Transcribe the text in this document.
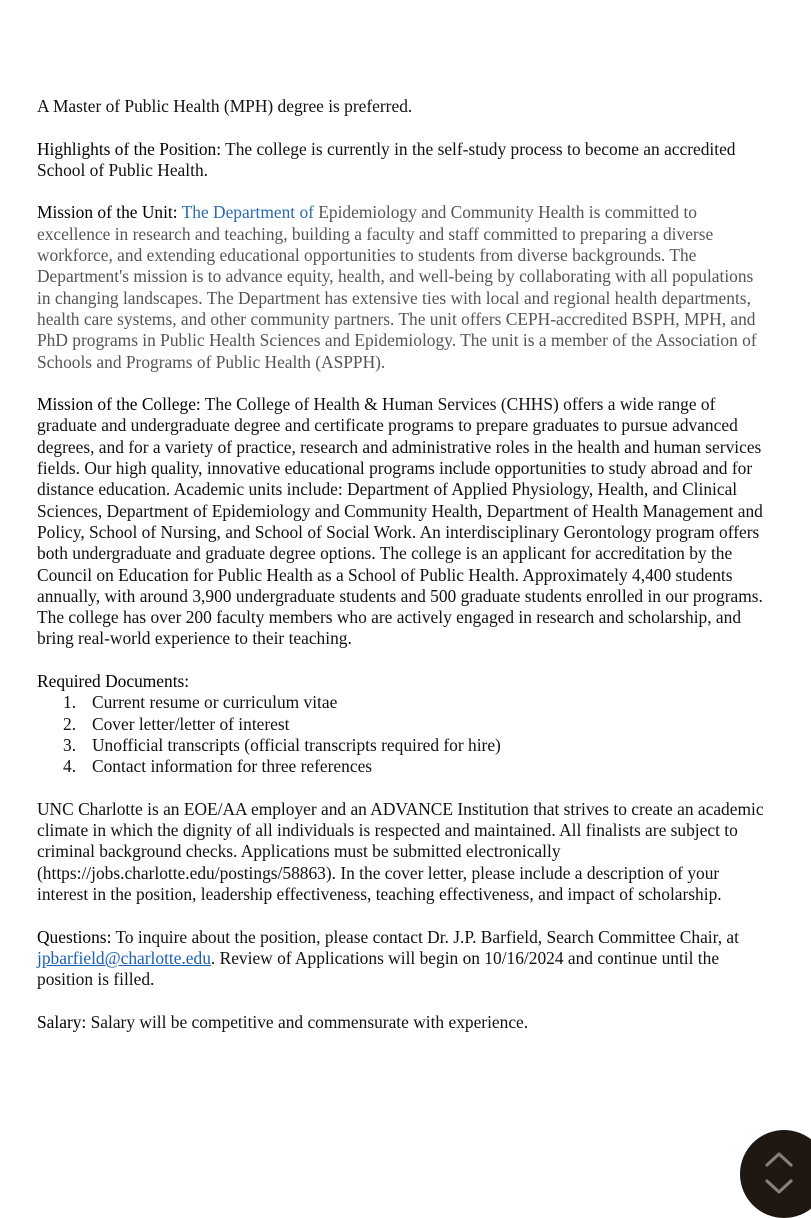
A Master of Public Health (MPH) degree is preferred.

Highlights of the Position: The college is currently in the self-study process to become an accredited School of Public Health.

Mission of the Unit: The Department of Epidemiology and Community Health is committed to excellence in research and teaching, building a faculty and staff committed to preparing a diverse workforce, and extending educational opportunities to students from diverse backgrounds. The Department's mission is to advance equity, health, and well-being by collaborating with all populations in changing landscapes. The Department has extensive ties with local and regional health departments, health care systems, and other community partners. The unit offers CEPH-accredited BSPH, MPH, and PhD programs in Public Health Sciences and Epidemiology. The unit is a member of the Association of Schools and Programs of Public Health (ASPPH).

Mission of the College: The College of Health & Human Services (CHHS) offers a wide range of graduate and undergraduate degree and certificate programs to prepare graduates to pursue advanced degrees, and for a variety of practice, research and administrative roles in the health and human services fields. Our high quality, innovative educational programs include opportunities to study abroad and for distance education. Academic units include: Department of Applied Physiology, Health, and Clinical Sciences, Department of Epidemiology and Community Health, Department of Health Management and Policy, School of Nursing, and School of Social Work. An interdisciplinary Gerontology program offers both undergraduate and graduate degree options. The college is an applicant for accreditation by the Council on Education for Public Health as a School of Public Health. Approximately 4,400 students annually, with around 3,900 undergraduate students and 500 graduate students enrolled in our programs. The college has over 200 faculty members who are actively engaged in research and scholarship, and bring real-world experience to their teaching.

Required Documents:
1. Current resume or curriculum vitae
2. Cover letter/letter of interest
3. Unofficial transcripts (official transcripts required for hire)
4. Contact information for three references

UNC Charlotte is an EOE/AA employer and an ADVANCE Institution that strives to create an academic climate in which the dignity of all individuals is respected and maintained. All finalists are subject to criminal background checks. Applications must be submitted electronically (https://jobs.charlotte.edu/postings/58863). In the cover letter, please include a description of your interest in the position, leadership effectiveness, teaching effectiveness, and impact of scholarship.

Questions: To inquire about the position, please contact Dr. J.P. Barfield, Search Committee Chair, at jpbarfield@charlotte.edu. Review of Applications will begin on 10/16/2024 and continue until the position is filled.

Salary: Salary will be competitive and commensurate with experience.
